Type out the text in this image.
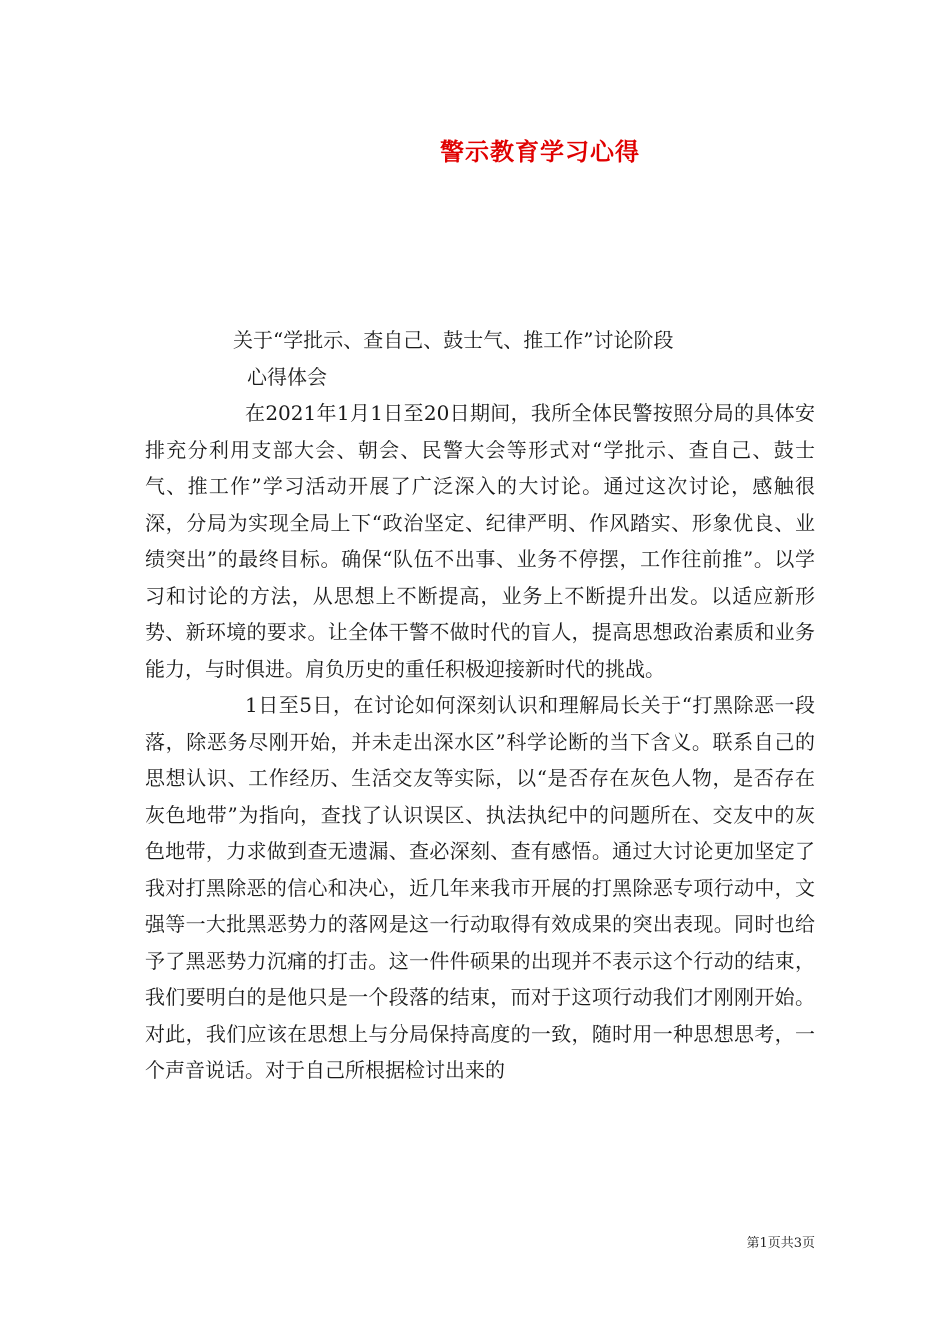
警示教育学习心得

关于“学批示、查自己、鼓士气、推工作”讨论阶段

心得体会

在2021年1月1日至20日期间，我所全体民警按照分局的具体安排充分利用支部大会、朝会、民警大会等形式对“学批示、查自己、鼓士气、推工作”学习活动开展了广泛深入的大讨论。通过这次讨论，感触很深，分局为实现全局上下“政治坚定、纪律严明、作风踏实、形象优良、业绩突出”的最终目标。确保“队伍不出事、业务不停摆，工作往前推”。以学习和讨论的方法，从思想上不断提高，业务上不断提升出发。以适应新形势、新环境的要求。让全体干警不做时代的盲人，提高思想政治素质和业务能力，与时俱进。肩负历史的重任积极迎接新时代的挑战。

1日至5日，在讨论如何深刻认识和理解局长关于“打黑除恶一段落，除恶务尽刚开始，并未走出深水区”科学论断的当下含义。联系自己的思想认识、工作经历、生活交友等实际，以“是否存在灰色人物，是否存在灰色地带”为指向，查找了认识误区、执法执纪中的问题所在、交友中的灰色地带，力求做到查无遗漏、查必深刻、查有感悟。通过大讨论更加坚定了我对打黑除恶的信心和决心，近几年来我市开展的打黑除恶专项行动中，文强等一大批黑恶势力的落网是这一行动取得有效成果的突出表现。同时也给予了黑恶势力沉痛的打击。这一件件硕果的出现并不表示这个行动的结束，我们要明白的是他只是一个段落的结束，而对于这项行动我们才刚刚开始。对此，我们应该在思想上与分局保持高度的一致，随时用一种思想思考，一个声音说话。对于自己所根据检讨出来的

第1页共3页
